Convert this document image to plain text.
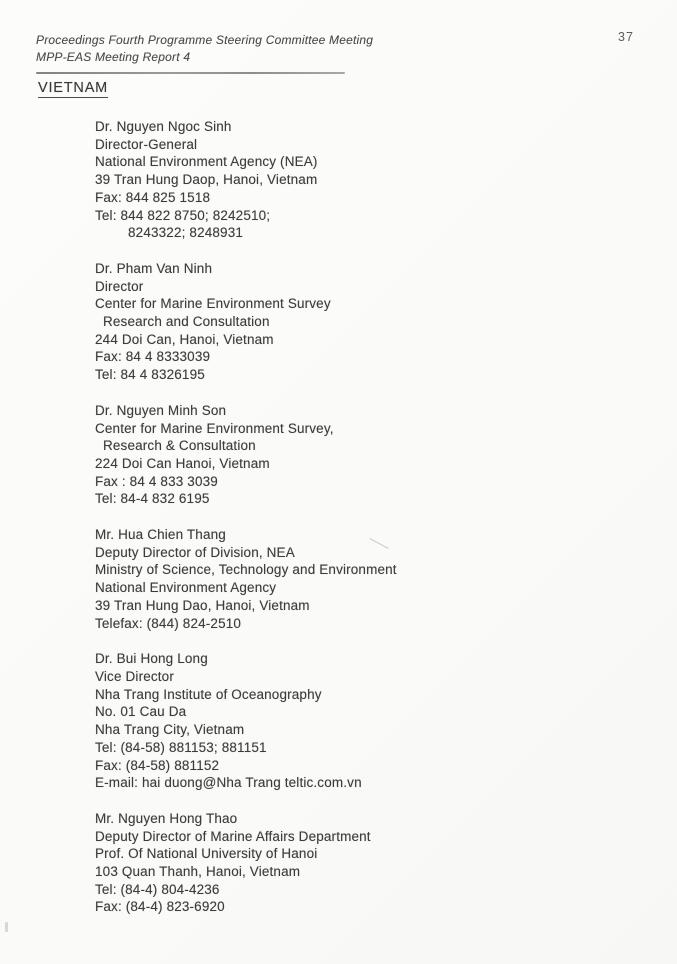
Proceedings Fourth Programme Steering Committee Meeting
MPP-EAS Meeting Report 4
37
VIETNAM
Dr. Nguyen Ngoc Sinh
Director-General
National Environment Agency (NEA)
39 Tran Hung Daop, Hanoi, Vietnam
Fax: 844 825 1518
Tel: 844 822 8750; 8242510;
8243322; 8248931
Dr. Pham Van Ninh
Director
Center for Marine Environment Survey
Research and Consultation
244 Doi Can, Hanoi, Vietnam
Fax: 84 4 8333039
Tel: 84 4 8326195
Dr. Nguyen Minh Son
Center for Marine Environment Survey,
Research & Consultation
224 Doi Can Hanoi, Vietnam
Fax : 84 4 833 3039
Tel: 84-4 832 6195
Mr. Hua Chien Thang
Deputy Director of Division, NEA
Ministry of Science, Technology and Environment
National Environment Agency
39 Tran Hung Dao, Hanoi, Vietnam
Telefax: (844) 824-2510
Dr. Bui Hong Long
Vice Director
Nha Trang Institute of Oceanography
No. 01 Cau Da
Nha Trang City, Vietnam
Tel: (84-58) 881153; 881151
Fax: (84-58) 881152
E-mail: hai duong@Nha Trang teltic.com.vn
Mr. Nguyen Hong Thao
Deputy Director of Marine Affairs Department
Prof. Of National University of Hanoi
103 Quan Thanh, Hanoi, Vietnam
Tel: (84-4) 804-4236
Fax: (84-4) 823-6920
